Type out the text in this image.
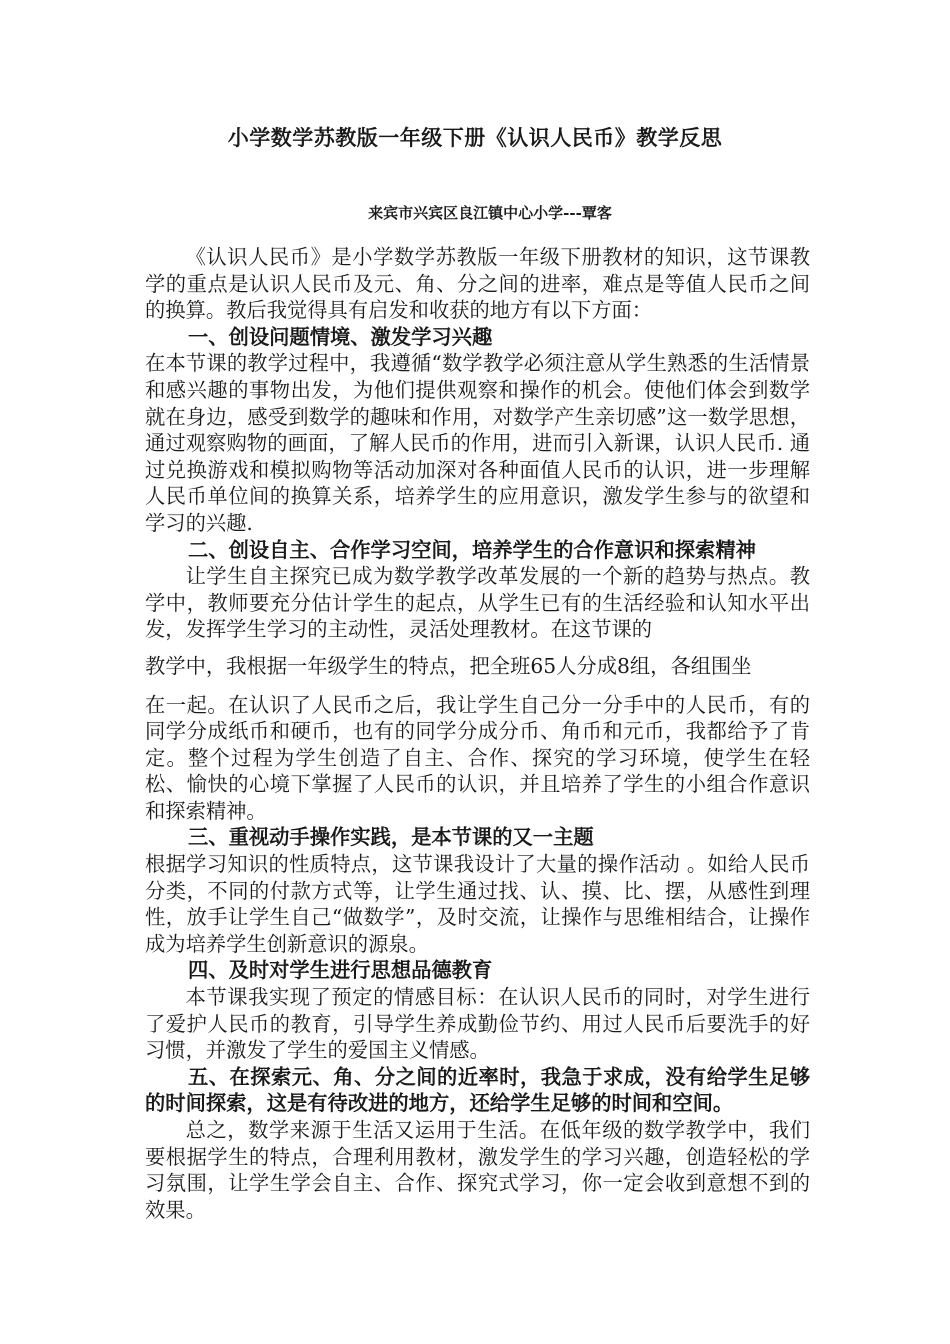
小学数学苏教版一年级下册《认识人民币》教学反思
来宾市兴宾区良江镇中心小学---覃客

《认识人民币》是小学数学苏教版一年级下册教材的知识，这节课教学的重点是认识人民币及元、角、分之间的进率，难点是等值人民币之间的换算。教后我觉得具有启发和收获的地方有以下方面：

一、创设问题情境、激发学习兴趣

在本节课的教学过程中，我遵循“数学教学必须注意从学生熟悉的生活情景和感兴趣的事物出发，为他们提供观察和操作的机会。使他们体会到数学就在身边，感受到数学的趣味和作用，对数学产生亲切感”这一数学思想，通过观察购物的画面，了解人民币的作用，进而引入新课，认识人民币. 通过兑换游戏和模拟购物等活动加深对各种面值人民币的认识，进一步理解人民币单位间的换算关系，培养学生的应用意识，激发学生参与的欲望和学习的兴趣.

二、创设自主、合作学习空间，培养学生的合作意识和探索精神

让学生自主探究已成为数学教学改革发展的一个新的趋势与热点。教学中，教师要充分估计学生的起点，从学生已有的生活经验和认知水平出发，发挥学生学习的主动性，灵活处理教材。在这节课的

教学中，我根据一年级学生的特点，把全班65人分成8组，各组围坐

在一起。在认识了人民币之后，我让学生自己分一分手中的人民币，有的同学分成纸币和硬币，也有的同学分成分币、角币和元币，我都给予了肯定。整个过程为学生创造了自主、合作、探究的学习环境，使学生在轻松、愉快的心境下掌握了人民币的认识，并且培养了学生的小组合作意识和探索精神。

三、重视动手操作实践，是本节课的又一主题

根据学习知识的性质特点，这节课我设计了大量的操作活动 。如给人民币分类，不同的付款方式等，让学生通过找、认、摸、比、摆，从感性到理性，放手让学生自己“做数学”，及时交流，让操作与思维相结合，让操作成为培养学生创新意识的源泉。

四、及时对学生进行思想品德教育

本节课我实现了预定的情感目标：在认识人民币的同时，对学生进行了爱护人民币的教育，引导学生养成勤俭节约、用过人民币后要洗手的好习惯，并激发了学生的爱国主义情感。

五、在探索元、角、分之间的近率时，我急于求成，没有给学生足够的时间探索，这是有待改进的地方，还给学生足够的时间和空间。

总之，数学来源于生活又运用于生活。在低年级的数学教学中，我们要根据学生的特点，合理利用教材，激发学生的学习兴趣，创造轻松的学习氛围，让学生学会自主、合作、探究式学习，你一定会收到意想不到的效果。
